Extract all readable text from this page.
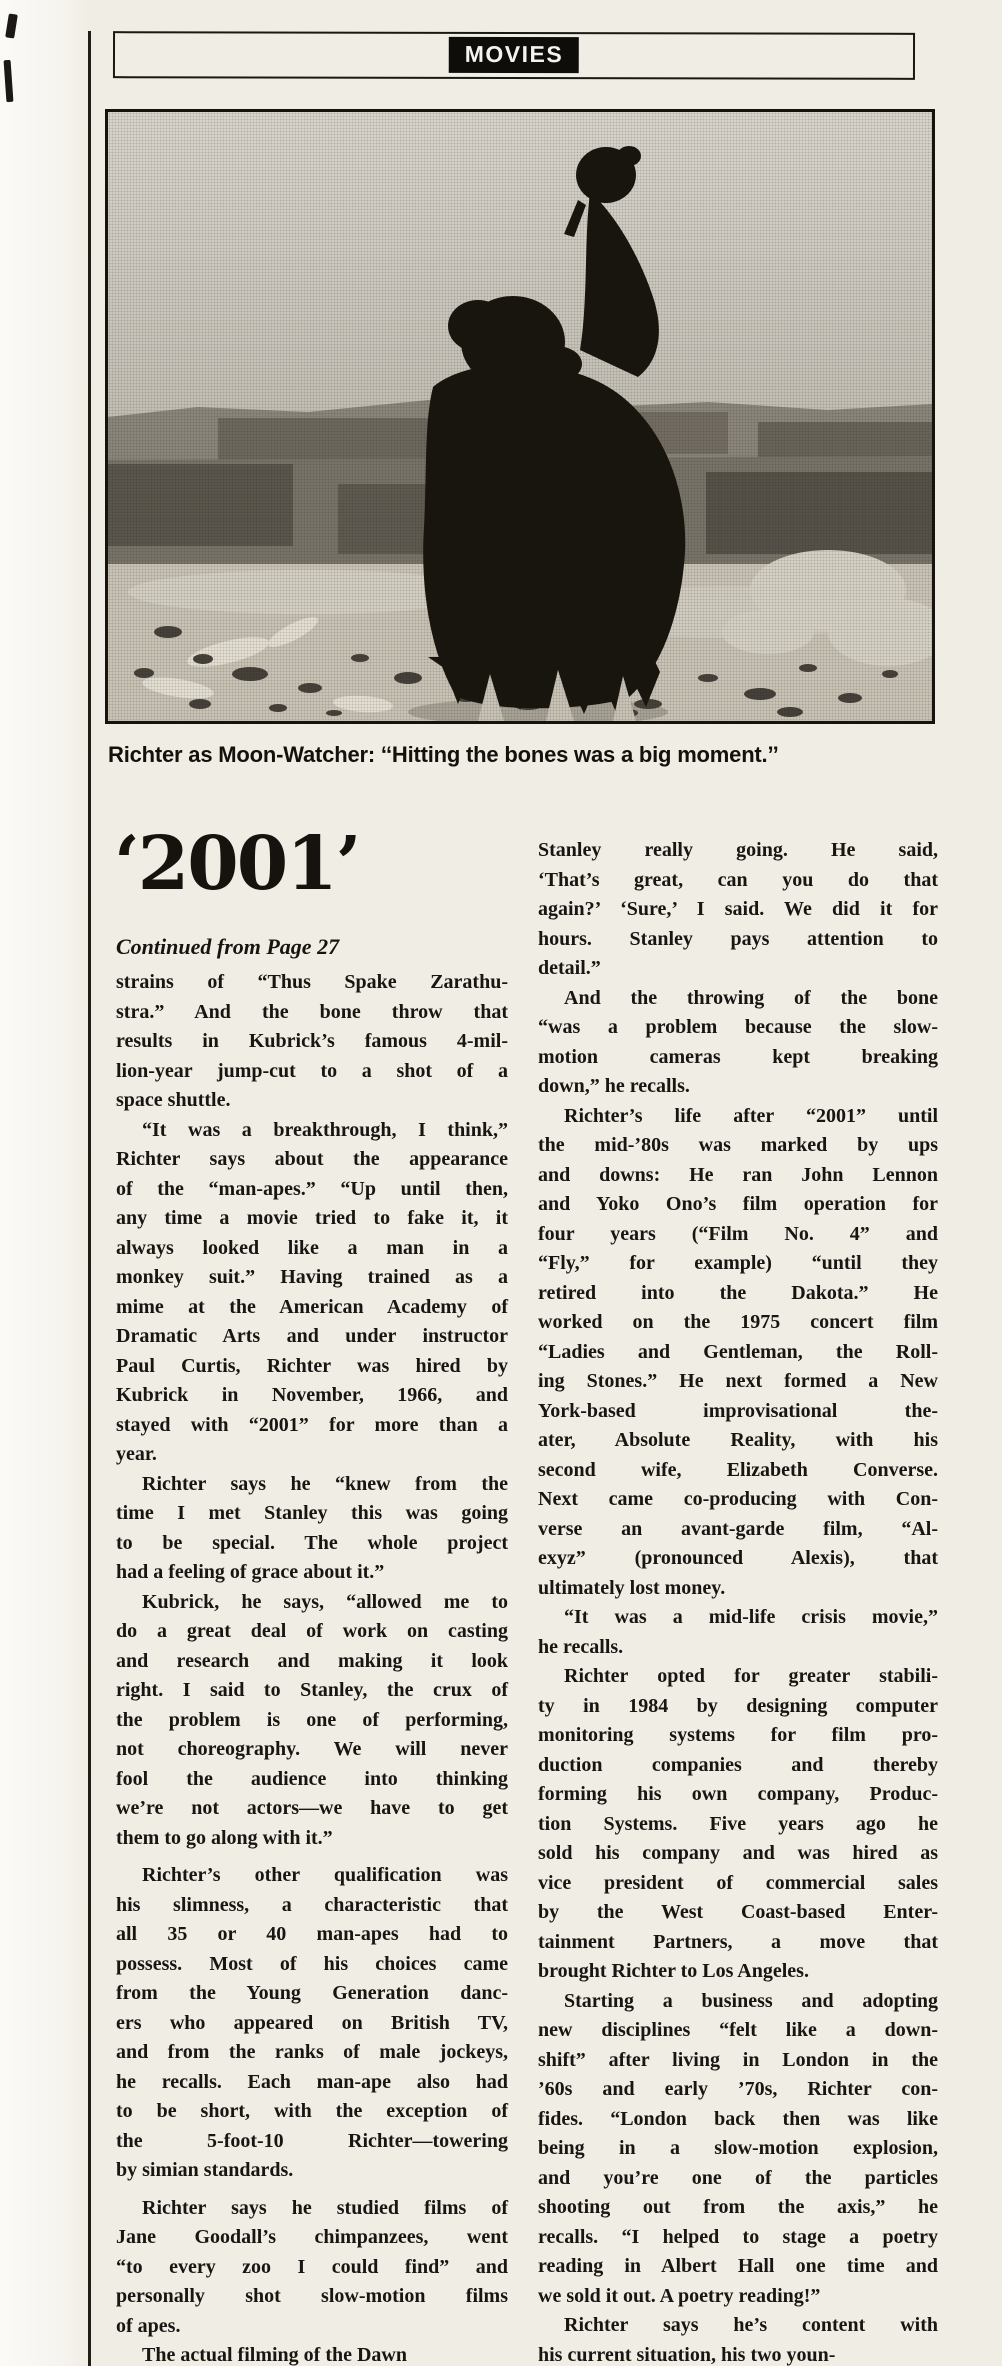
MOVIES
Richter as Moon-Watcher: ‘‘Hitting the bones was a big moment.’’
‘2001’
Continued from Page 27
strains of “Thus Spake Zarathu-
stra.” And the bone throw that
results in Kubrick’s famous 4-mil-
lion-year jump-cut to a shot of a
space shuttle.
“It was a breakthrough, I think,”
Richter says about the appearance
of the “man-apes.” “Up until then,
any time a movie tried to fake it, it
always looked like a man in a
monkey suit.” Having trained as a
mime at the American Academy of
Dramatic Arts and under instructor
Paul Curtis, Richter was hired by
Kubrick in November, 1966, and
stayed with “2001” for more than a
year.
Richter says he “knew from the
time I met Stanley this was going
to be special. The whole project
had a feeling of grace about it.”
Kubrick, he says, “allowed me to
do a great deal of work on casting
and research and making it look
right. I said to Stanley, the crux of
the problem is one of performing,
not choreography. We will never
fool the audience into thinking
we’re not actors—we have to get
them to go along with it.”
Richter’s other qualification was
his slimness, a characteristic that
all 35 or 40 man-apes had to
possess. Most of his choices came
from the Young Generation danc-
ers who appeared on British TV,
and from the ranks of male jockeys,
he recalls. Each man-ape also had
to be short, with the exception of
the 5-foot-10 Richter—towering
by simian standards.
Richter says he studied films of
Jane Goodall’s chimpanzees, went
“to every zoo I could find” and
personally shot slow-motion films
of apes.
The actual filming of the Dawn
Stanley really going. He said,
‘That’s great, can you do that
again?’ ‘Sure,’ I said. We did it for
hours. Stanley pays attention to
detail.”
And the throwing of the bone
“was a problem because the slow-
motion cameras kept breaking
down,” he recalls.
Richter’s life after “2001” until
the mid-’80s was marked by ups
and downs: He ran John Lennon
and Yoko Ono’s film operation for
four years (“Film No. 4” and
“Fly,” for example) “until they
retired into the Dakota.” He
worked on the 1975 concert film
“Ladies and Gentleman, the Roll-
ing Stones.” He next formed a New
York-based improvisational the-
ater, Absolute Reality, with his
second wife, Elizabeth Converse.
Next came co-producing with Con-
verse an avant-garde film, “Al-
exyz” (pronounced Alexis), that
ultimately lost money.
“It was a mid-life crisis movie,”
he recalls.
Richter opted for greater stabili-
ty in 1984 by designing computer
monitoring systems for film pro-
duction companies and thereby
forming his own company, Produc-
tion Systems. Five years ago he
sold his company and was hired as
vice president of commercial sales
by the West Coast-based Enter-
tainment Partners, a move that
brought Richter to Los Angeles.
Starting a business and adopting
new disciplines “felt like a down-
shift” after living in London in the
’60s and early ’70s, Richter con-
fides. “London back then was like
being in a slow-motion explosion,
and you’re one of the particles
shooting out from the axis,” he
recalls. “I helped to stage a poetry
reading in Albert Hall one time and
we sold it out. A poetry reading!”
Richter says he’s content with
his current situation, his two youn-
